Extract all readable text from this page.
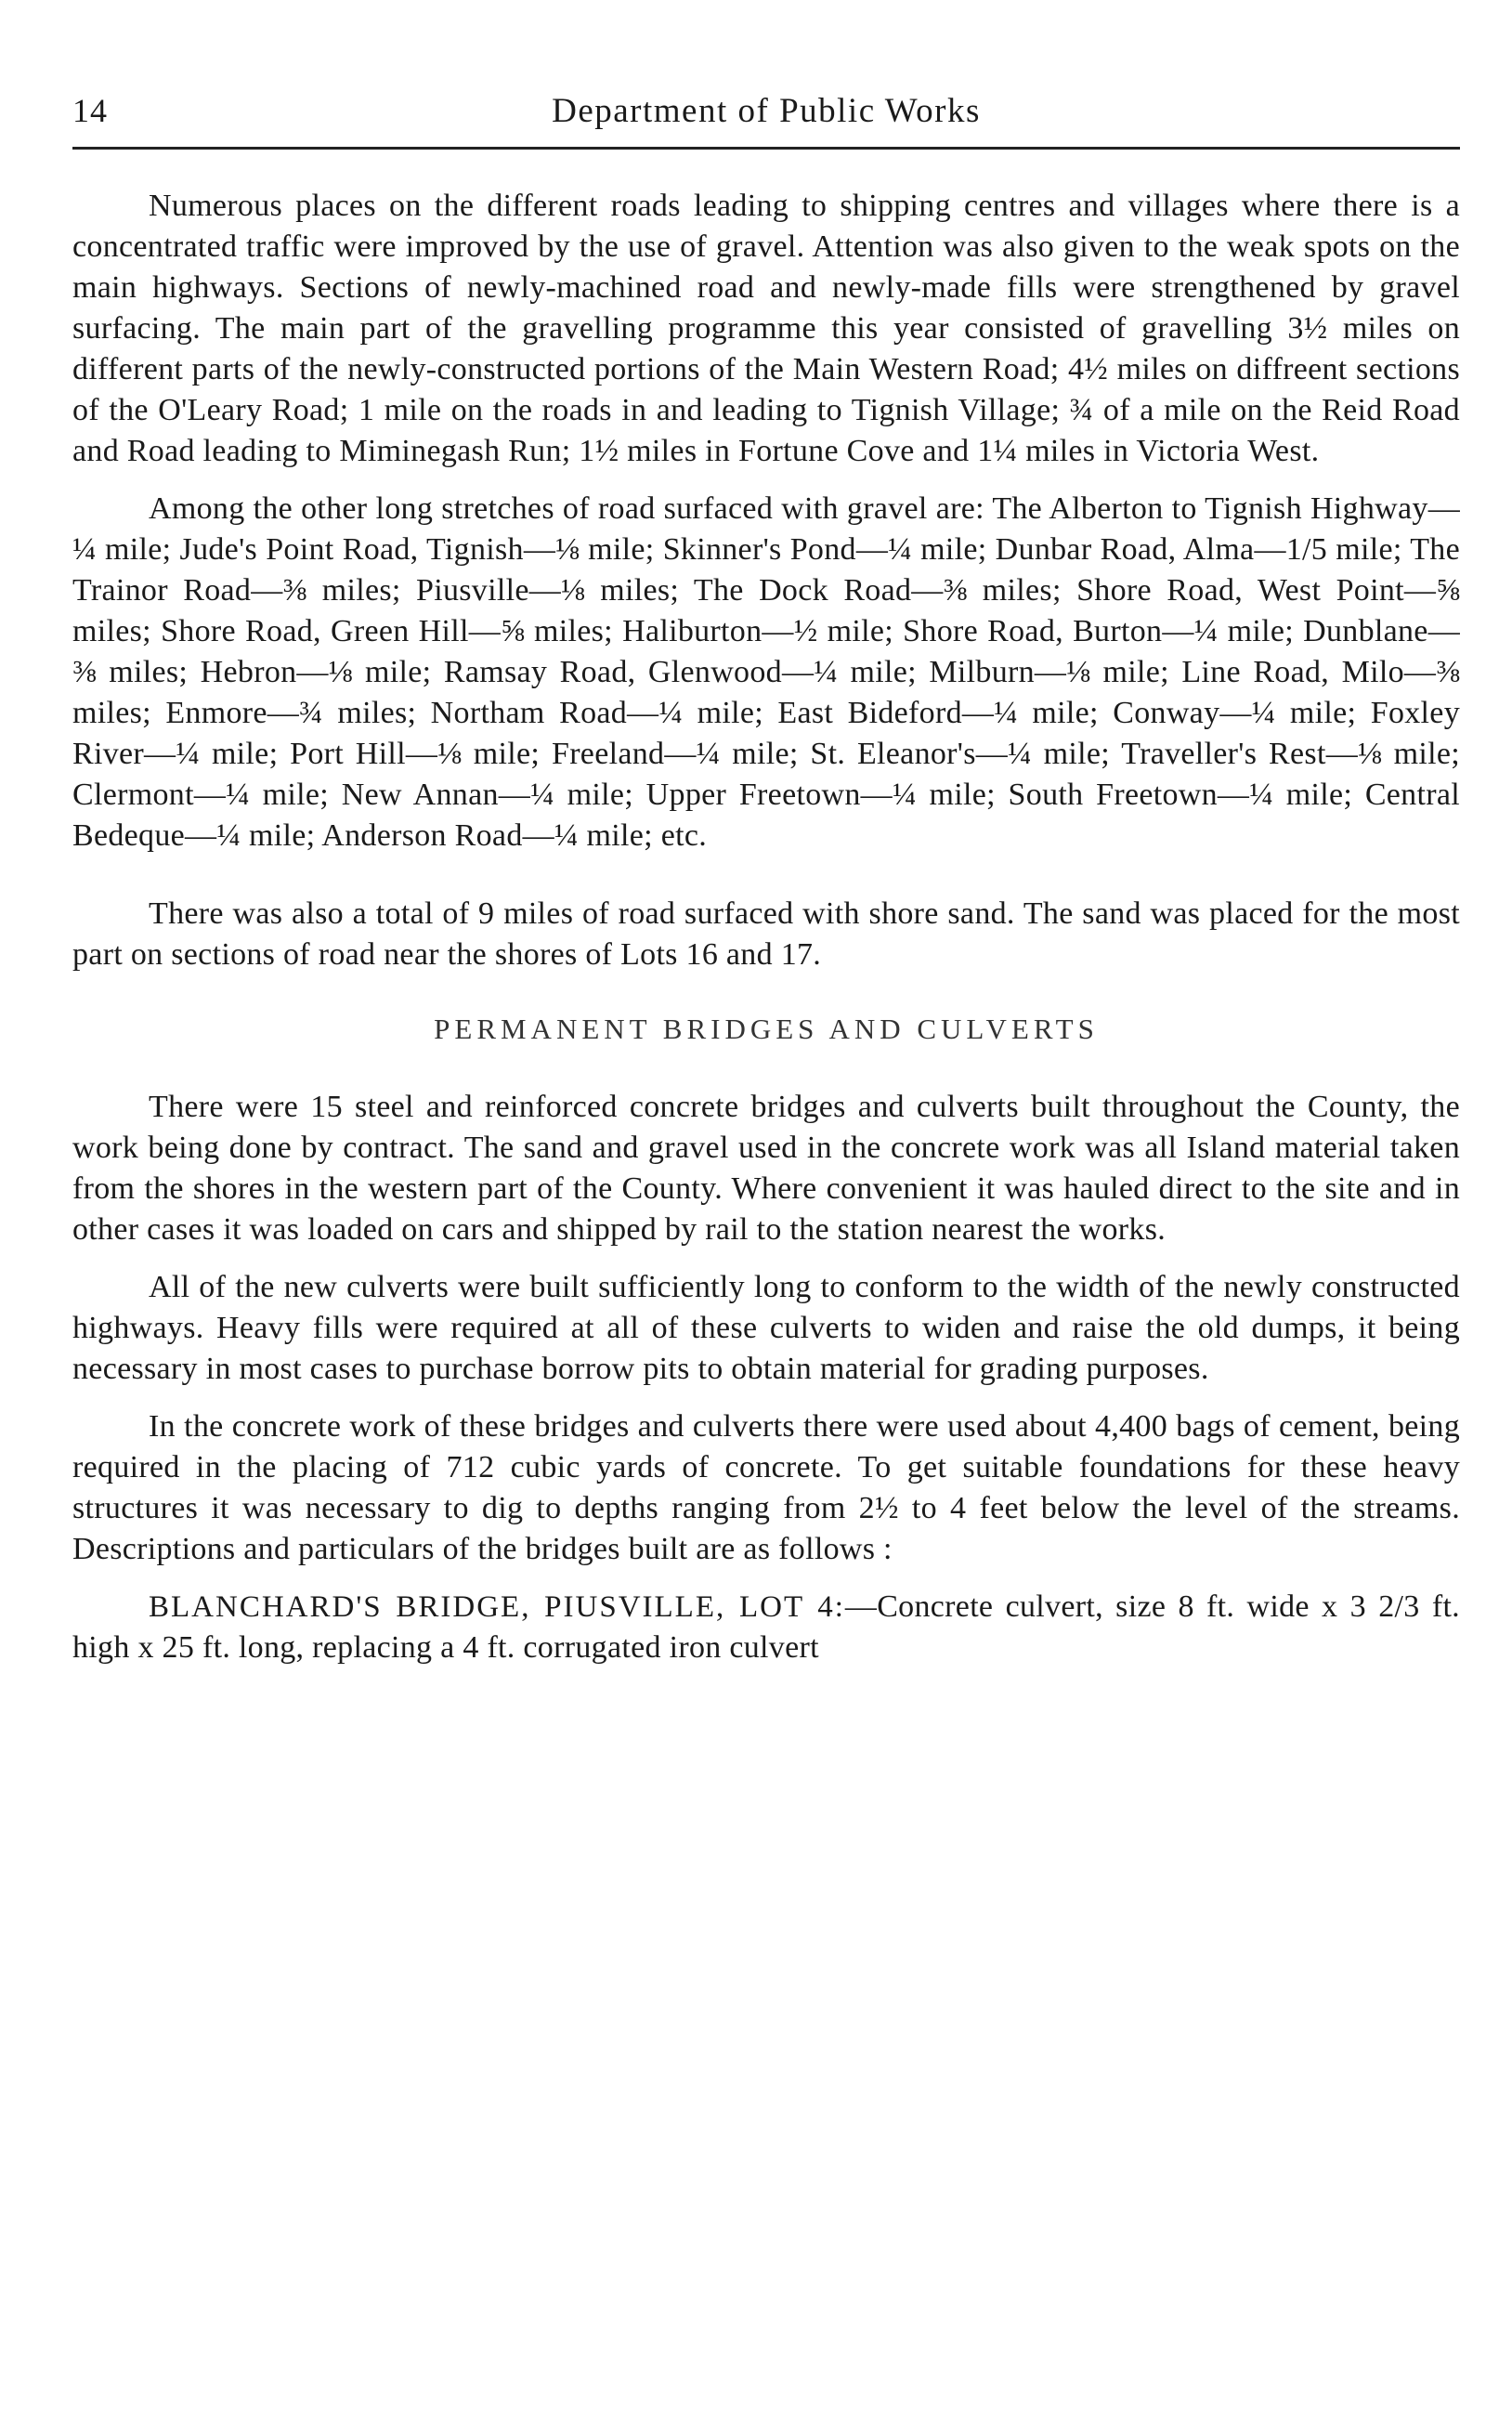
14	Department of Public Works

Numerous places on the different roads leading to shipping centres and villages where there is a concentrated traffic were improved by the use of gravel. Attention was also given to the weak spots on the main highways. Sections of newly-machined road and newly-made fills were strengthened by gravel surfacing. The main part of the gravelling programme this year consisted of gravelling 3½ miles on different parts of the newly-constructed portions of the Main Western Road; 4½ miles on diffreent sections of the O'Leary Road; 1 mile on the roads in and leading to Tignish Village; ¾ of a mile on the Reid Road and Road leading to Miminegash Run; 1½ miles in Fortune Cove and 1¼ miles in Victoria West.

Among the other long stretches of road surfaced with gravel are: The Alberton to Tignish Highway—¼ mile; Jude's Point Road, Tignish—⅛ mile; Skinner's Pond—¼ mile; Dunbar Road, Alma—1/5 mile; The Trainor Road—⅜ miles; Piusville—⅛ miles; The Dock Road—⅜ miles; Shore Road, West Point—⅝ miles; Shore Road, Green Hill—⅝ miles; Haliburton—½ mile; Shore Road, Burton—¼ mile; Dunblane—⅜ miles; Hebron—⅛ mile; Ramsay Road, Glenwood—¼ mile; Milburn—⅛ mile; Line Road, Milo—⅜ miles; Enmore—¾ miles; Northam Road—¼ mile; East Bideford—¼ mile; Conway—¼ mile; Foxley River—¼ mile; Port Hill—⅛ mile; Freeland—¼ mile; St. Eleanor's—¼ mile; Traveller's Rest—⅛ mile; Clermont—¼ mile; New Annan—¼ mile; Upper Freetown—¼ mile; South Freetown—¼ mile; Central Bedeque—¼ mile; Anderson Road—¼ mile; etc.

There was also a total of 9 miles of road surfaced with shore sand. The sand was placed for the most part on sections of road near the shores of Lots 16 and 17.

PERMANENT BRIDGES AND CULVERTS

There were 15 steel and reinforced concrete bridges and culverts built throughout the County, the work being done by contract. The sand and gravel used in the concrete work was all Island material taken from the shores in the western part of the County. Where convenient it was hauled direct to the site and in other cases it was loaded on cars and shipped by rail to the station nearest the works.

All of the new culverts were built sufficiently long to conform to the width of the newly constructed highways. Heavy fills were required at all of these culverts to widen and raise the old dumps, it being necessary in most cases to purchase borrow pits to obtain material for grading purposes.

In the concrete work of these bridges and culverts there were used about 4,400 bags of cement, being required in the placing of 712 cubic yards of concrete. To get suitable foundations for these heavy structures it was necessary to dig to depths ranging from 2½ to 4 feet below the level of the streams. Descriptions and particulars of the bridges built are as follows :

BLANCHARD'S BRIDGE, PIUSVILLE, LOT 4:—Concrete culvert, size 8 ft. wide x 3 2/3 ft. high x 25 ft. long, replacing a 4 ft. corrugated iron culvert
